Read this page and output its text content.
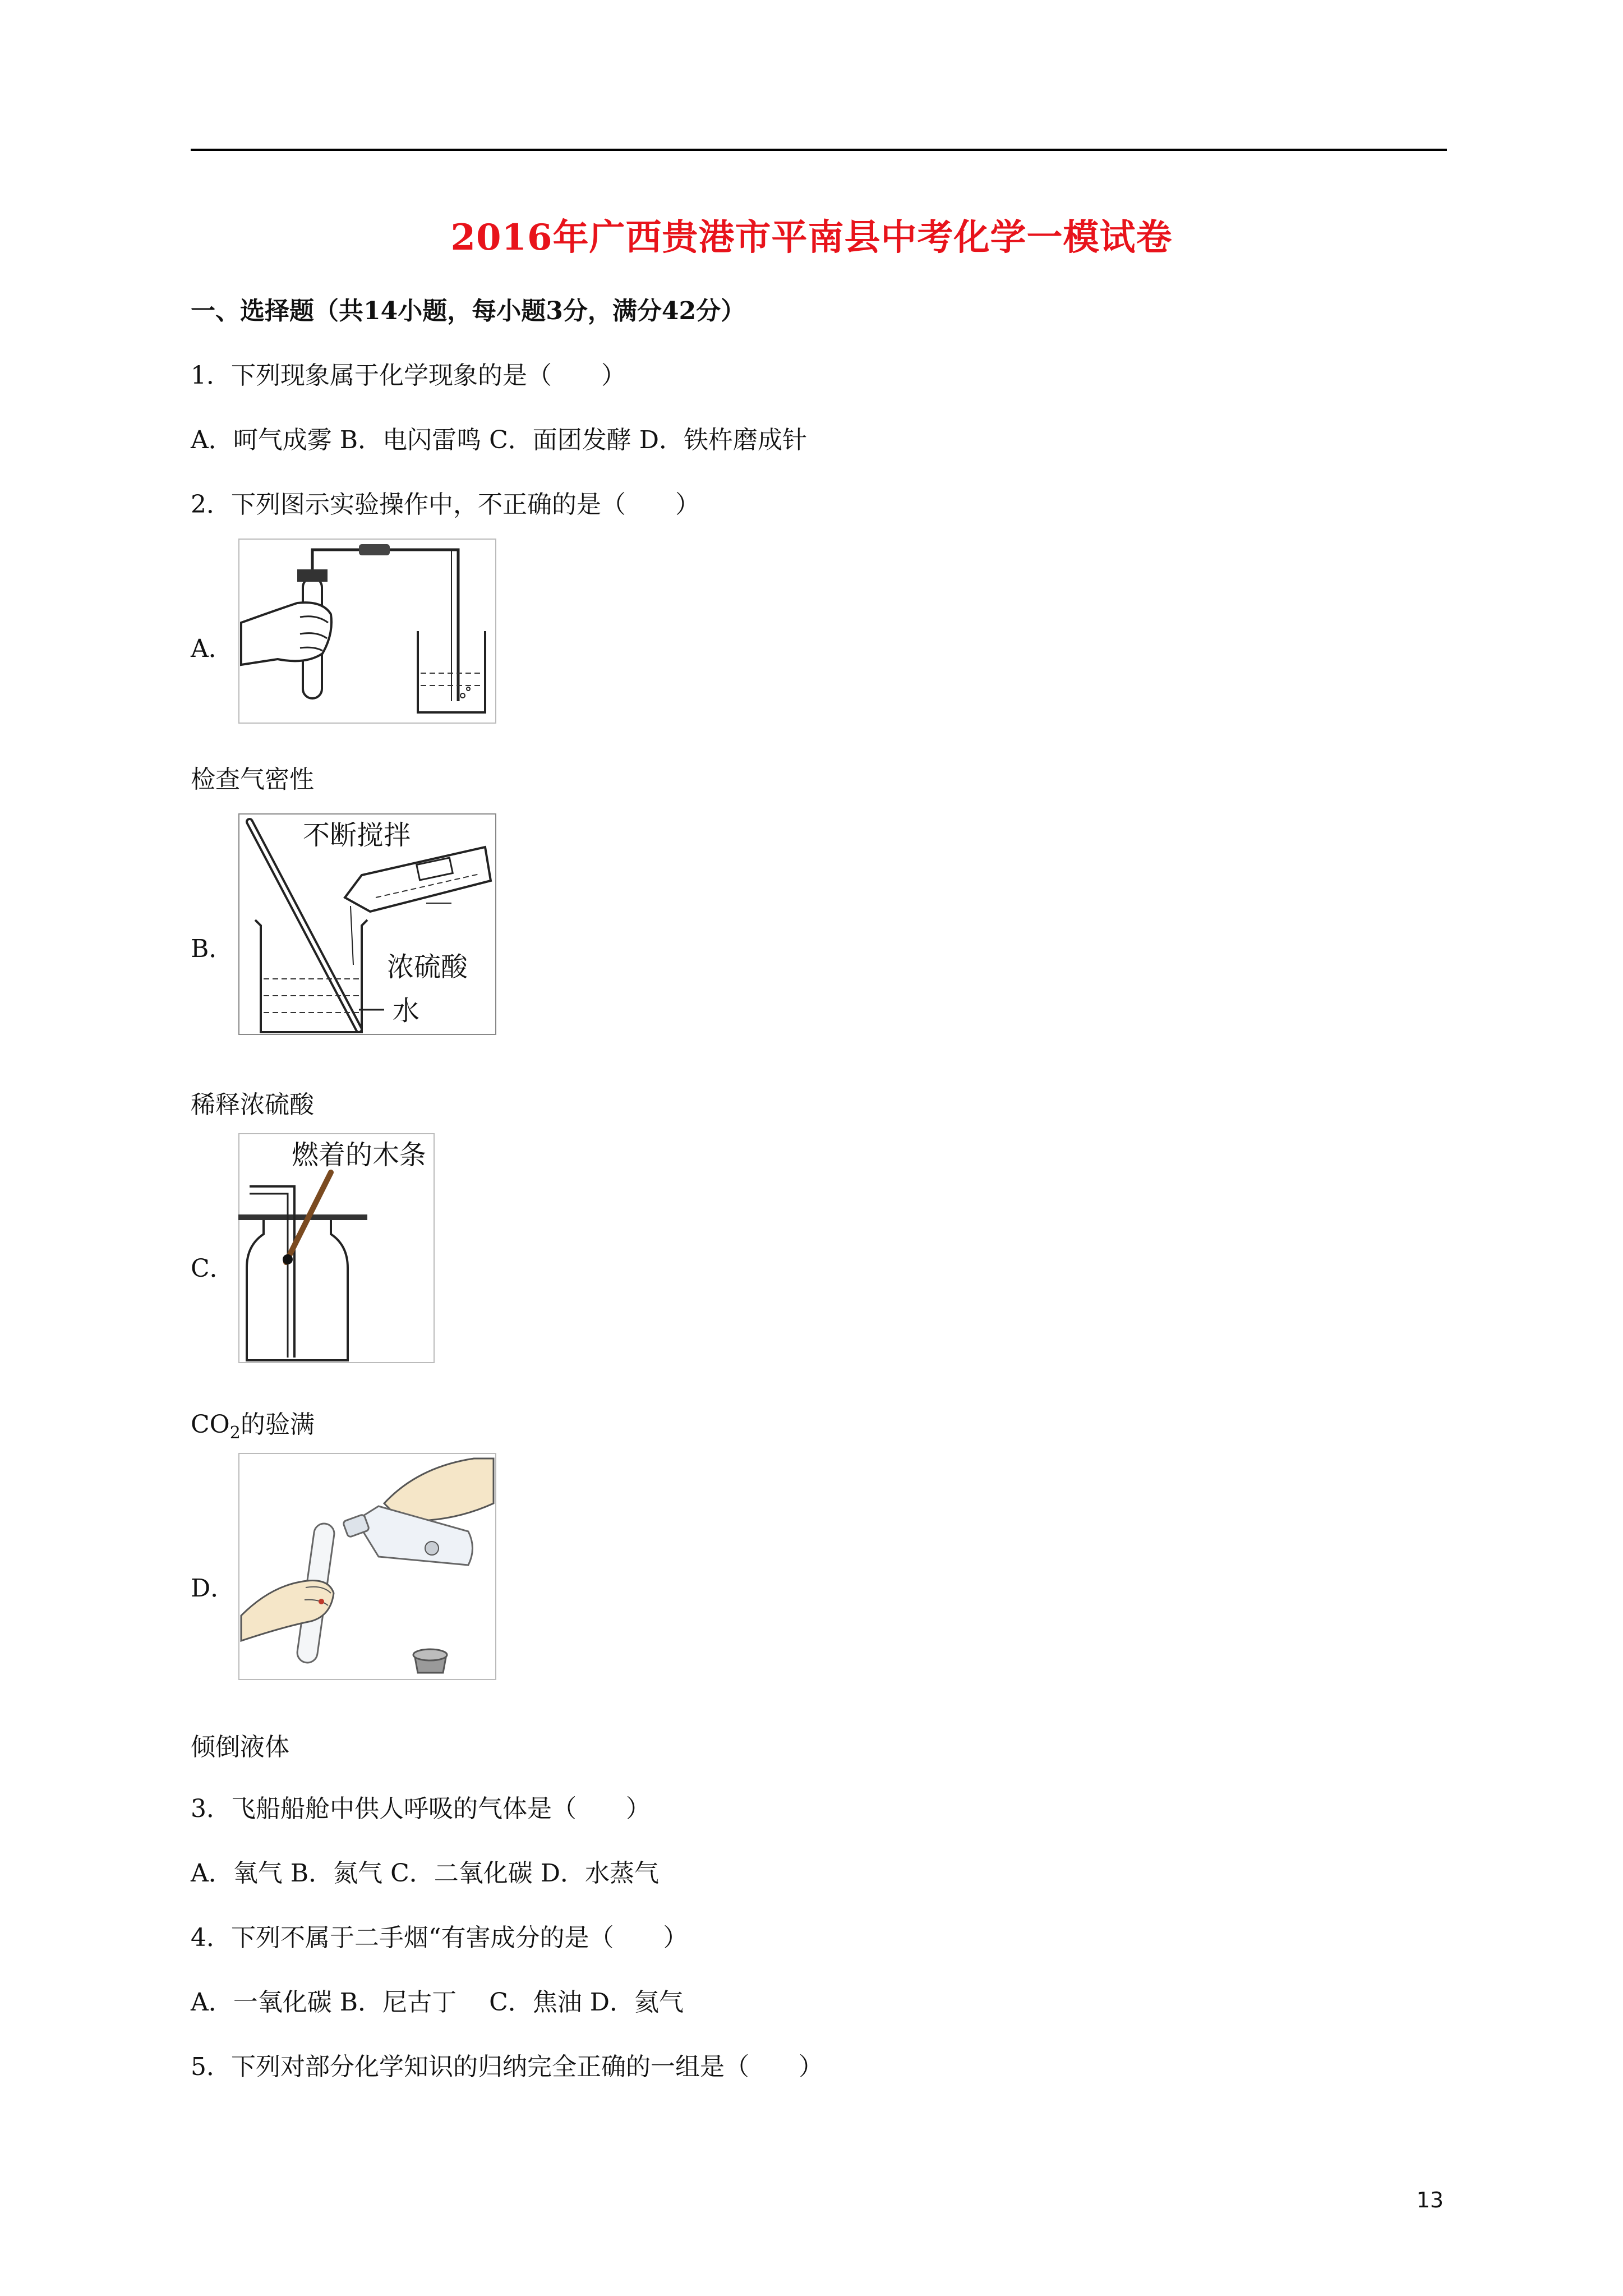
2016年广西贵港市平南县中考化学一模试卷
一、选择题（共14小题，每小题3分，满分42分）
1．下列现象属于化学现象的是（　　）
A．呵气成雾 B．电闪雷鸣 C．面团发酵 D．铁杵磨成针
2．下列图示实验操作中，不正确的是（　　）
A．
检查气密性
B．
不断搅拌
浓硫酸
水
稀释浓硫酸
C．
燃着的木条
$CO_2$的验满
D．
倾倒液体
3．飞船船舱中供人呼吸的气体是（　　）
A．氧气 B．氮气 C．二氧化碳 D．水蒸气
4．下列不属于二手烟“有害成分的是（　　）
A．一氧化碳 B．尼古丁　 C．焦油 D．氦气
5．下列对部分化学知识的归纳完全正确的一组是（　　）
13
